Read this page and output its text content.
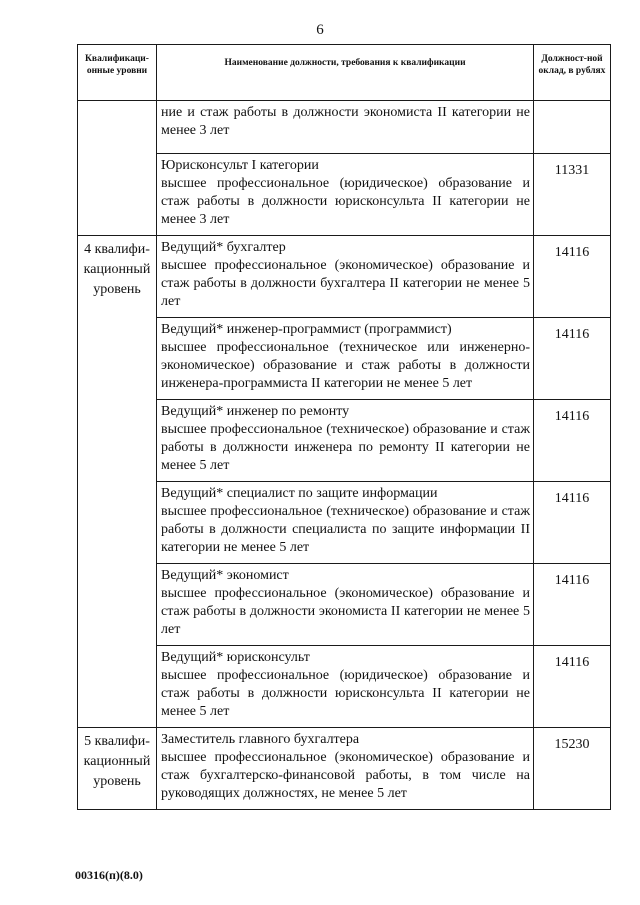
6
Квалификаци-онные уровни	Наименование должности, требования к квалификации	Должност-ной оклад, в рублях

	ние и стаж работы в должности экономиста II категории не менее 3 лет	

	Юрисконсульт I категории
высшее профессиональное (юридическое) образование и стаж работы в должности юрисконсульта II категории не менее 3 лет	11331
4 квалифи-кационный уровень	Ведущий* бухгалтер
высшее профессиональное (экономическое) образование и стаж работы в должности бухгалтера II категории не менее 5 лет	14116

	Ведущий* инженер-программист (программист)
высшее профессиональное (техническое или инженерно-экономическое) образование и стаж работы в должности инженера-программиста II категории не менее 5 лет	14116

	Ведущий* инженер по ремонту
высшее профессиональное (техническое) образование и стаж работы в должности инженера по ремонту II категории не менее 5 лет	14116

	Ведущий* специалист по защите информации
высшее профессиональное (техническое) образование и стаж работы в должности специалиста по защите информации II категории не менее 5 лет	14116

	Ведущий* экономист
высшее профессиональное (экономическое) образование и стаж работы в должности экономиста II категории не менее 5 лет	14116

	Ведущий* юрисконсульт
высшее профессиональное (юридическое) образование и стаж работы в должности юрисконсульта II категории не менее 5 лет	14116
5 квалифи-кационный уровень	Заместитель главного бухгалтера
высшее профессиональное (экономическое) образование и стаж бухгалтерско-финансовой работы, в том числе на руководящих должностях, не менее 5 лет	15230
00316(п)(8.0)
